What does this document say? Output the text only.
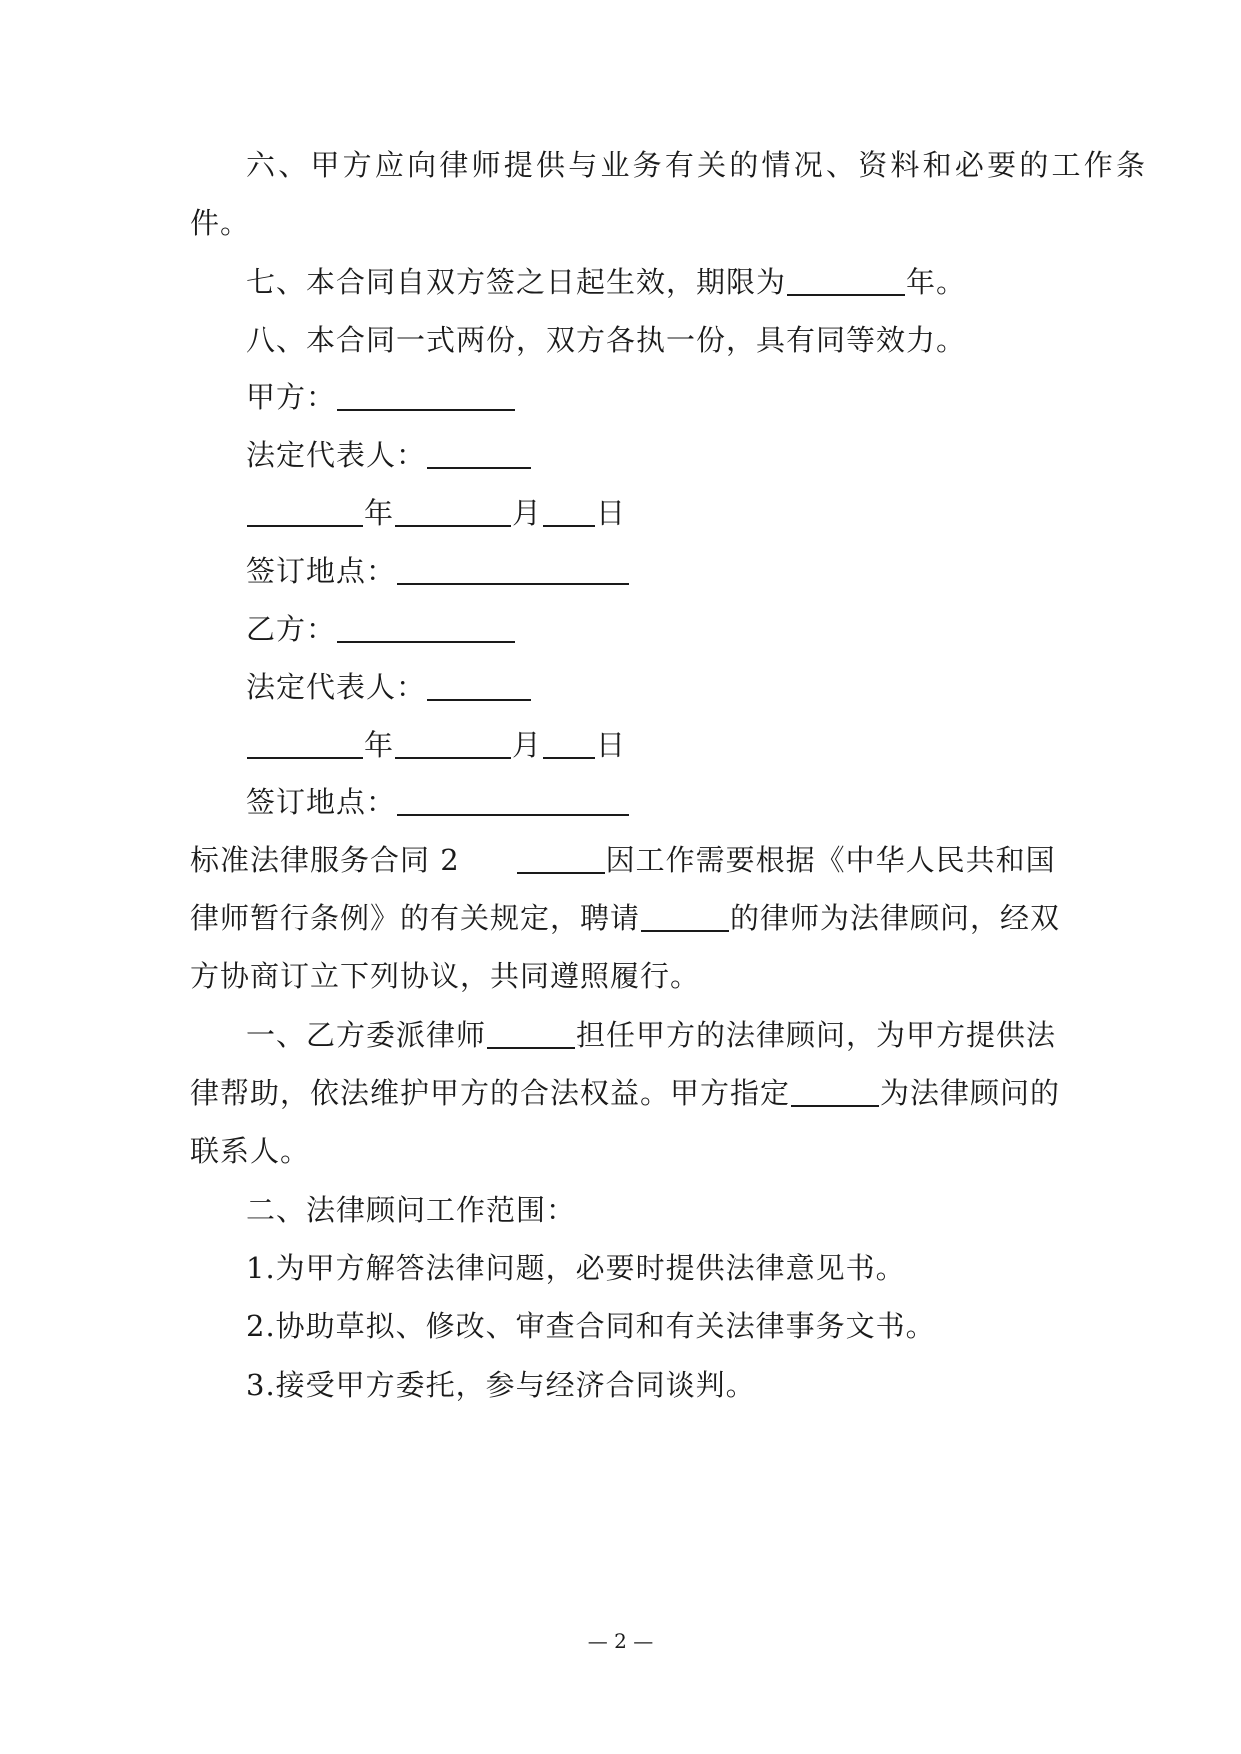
六、甲方应向律师提供与业务有关的情况、资料和必要的工作条
件。
七、本合同自双方签之日起生效，期限为	年。
八、本合同一式两份，双方各执一份，具有同等效力。
甲方：
法定代表人：
年	月 日
签订地点：
乙方：
法定代表人：
年	月 日
签订地点：
标准法律服务合同 2	因工作需要根据《中华人民共和国
律师暂行条例》的有关规定，聘请	的律师为法律顾问，经双
方协商订立下列协议，共同遵照履行。
一、乙方委派律师	担任甲方的法律顾问，为甲方提供法
律帮助，依法维护甲方的合法权益。甲方指定	为法律顾问的
联系人。
二、法律顾问工作范围：
1.为甲方解答法律问题，必要时提供法律意见书。
2.协助草拟、修改、审查合同和有关法律事务文书。
3.接受甲方委托，参与经济合同谈判。
— 2 —
